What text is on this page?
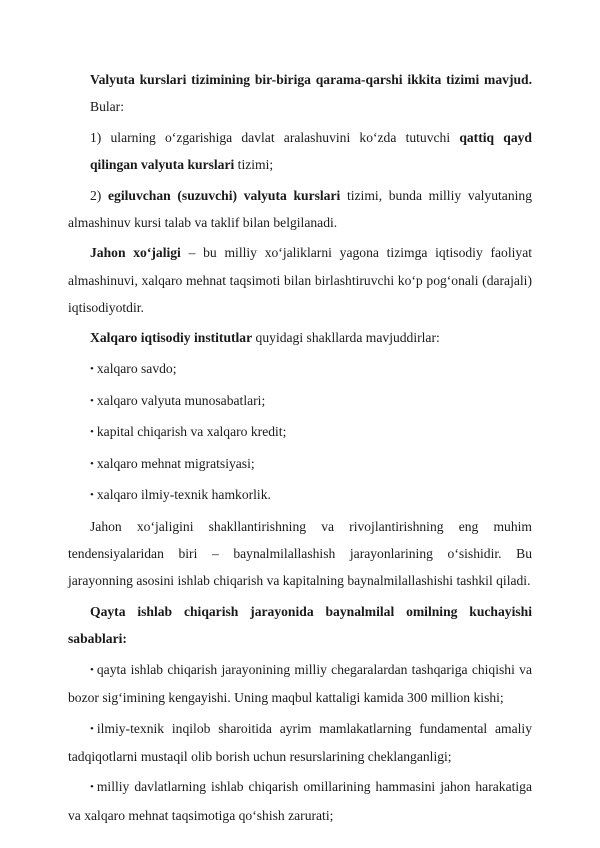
Valyuta kurslari tizimining bir-biriga qarama-qarshi ikkita tizimi mavjud. Bular:

1) ularning o‘zgarishiga davlat aralashuvini ko‘zda tutuvchi qattiq qayd qilingan valyuta kurslari tizimi;

2) egiluvchan (suzuvchi) valyuta kurslari tizimi, bunda milliy valyutaning almashinuv kursi talab va taklif bilan belgilanadi.

Jahon xo‘jaligi – bu milliy xo‘jaliklarni yagona tizimga iqtisodiy faoliyat almashinuvi, xalqaro mehnat taqsimoti bilan birlashtiruvchi ko‘p pog‘onali (darajali) iqtisodiyotdir.

Xalqaro iqtisodiy institutlar quyidagi shakllarda mavjuddirlar:

• xalqaro savdo;

• xalqaro valyuta munosabatlari;

• kapital chiqarish va xalqaro kredit;

• xalqaro mehnat migratsiyasi;

• xalqaro ilmiy-texnik hamkorlik.

Jahon xo‘jaligini shakllantirishning va rivojlantirishning eng muhim tendensiyalaridan biri – baynalmilallashish jarayonlarining o‘sishidir. Bu jarayonning asosini ishlab chiqarish va kapitalning baynalmilallashishi tashkil qiladi.

Qayta ishlab chiqarish jarayonida baynalmilal omilning kuchayishi sabablari:

• qayta ishlab chiqarish jarayonining milliy chegaralardan tashqariga chiqishi va bozor sig‘imining kengayishi. Uning maqbul kattaligi kamida 300 million kishi;

• ilmiy-texnik inqilob sharoitida ayrim mamlakatlarning fundamental amaliy tadqiqotlarni mustaqil olib borish uchun resurslarining cheklanganligi;

• milliy davlatlarning ishlab chiqarish omillarining hammasini jahon harakatiga va xalqaro mehnat taqsimotiga qo‘shish zarurati;
